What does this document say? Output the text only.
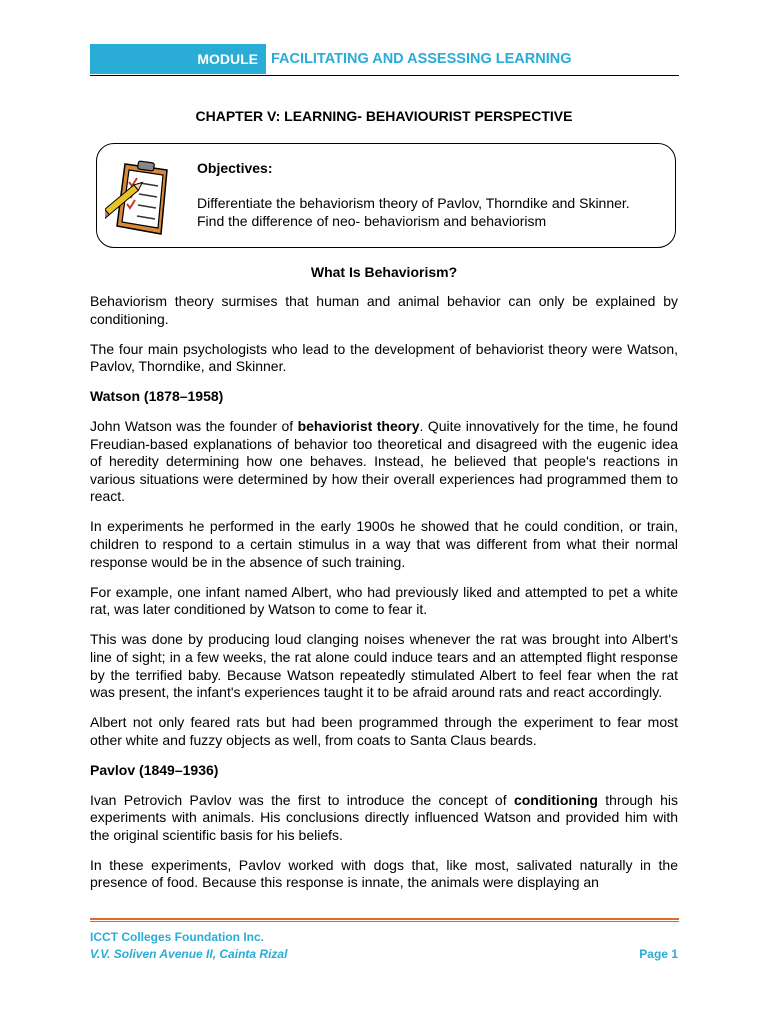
MODULE FACILITATING AND ASSESSING LEARNING
CHAPTER V: LEARNING- BEHAVIOURIST PERSPECTIVE
Objectives:
Differentiate the behaviorism theory of Pavlov, Thorndike and Skinner.
Find the difference of neo- behaviorism and behaviorism
What Is Behaviorism?

Behaviorism theory surmises that human and animal behavior can only be explained by conditioning.

The four main psychologists who lead to the development of behaviorist theory were Watson, Pavlov, Thorndike, and Skinner.

Watson (1878–1958)

John Watson was the founder of behaviorist theory. Quite innovatively for the time, he found Freudian-based explanations of behavior too theoretical and disagreed with the eugenic idea of heredity determining how one behaves. Instead, he believed that people's reactions in various situations were determined by how their overall experiences had programmed them to react.

In experiments he performed in the early 1900s he showed that he could condition, or train, children to respond to a certain stimulus in a way that was different from what their normal response would be in the absence of such training.

For example, one infant named Albert, who had previously liked and attempted to pet a white rat, was later conditioned by Watson to come to fear it.

This was done by producing loud clanging noises whenever the rat was brought into Albert's line of sight; in a few weeks, the rat alone could induce tears and an attempted flight response by the terrified baby. Because Watson repeatedly stimulated Albert to feel fear when the rat was present, the infant's experiences taught it to be afraid around rats and react accordingly.

Albert not only feared rats but had been programmed through the experiment to fear most other white and fuzzy objects as well, from coats to Santa Claus beards.

Pavlov (1849–1936)

Ivan Petrovich Pavlov was the first to introduce the concept of conditioning through his experiments with animals. His conclusions directly influenced Watson and provided him with the original scientific basis for his beliefs.

In these experiments, Pavlov worked with dogs that, like most, salivated naturally in the presence of food. Because this response is innate, the animals were displaying an

ICCT Colleges Foundation Inc.
V.V. Soliven Avenue II, Cainta Rizal	Page 1
